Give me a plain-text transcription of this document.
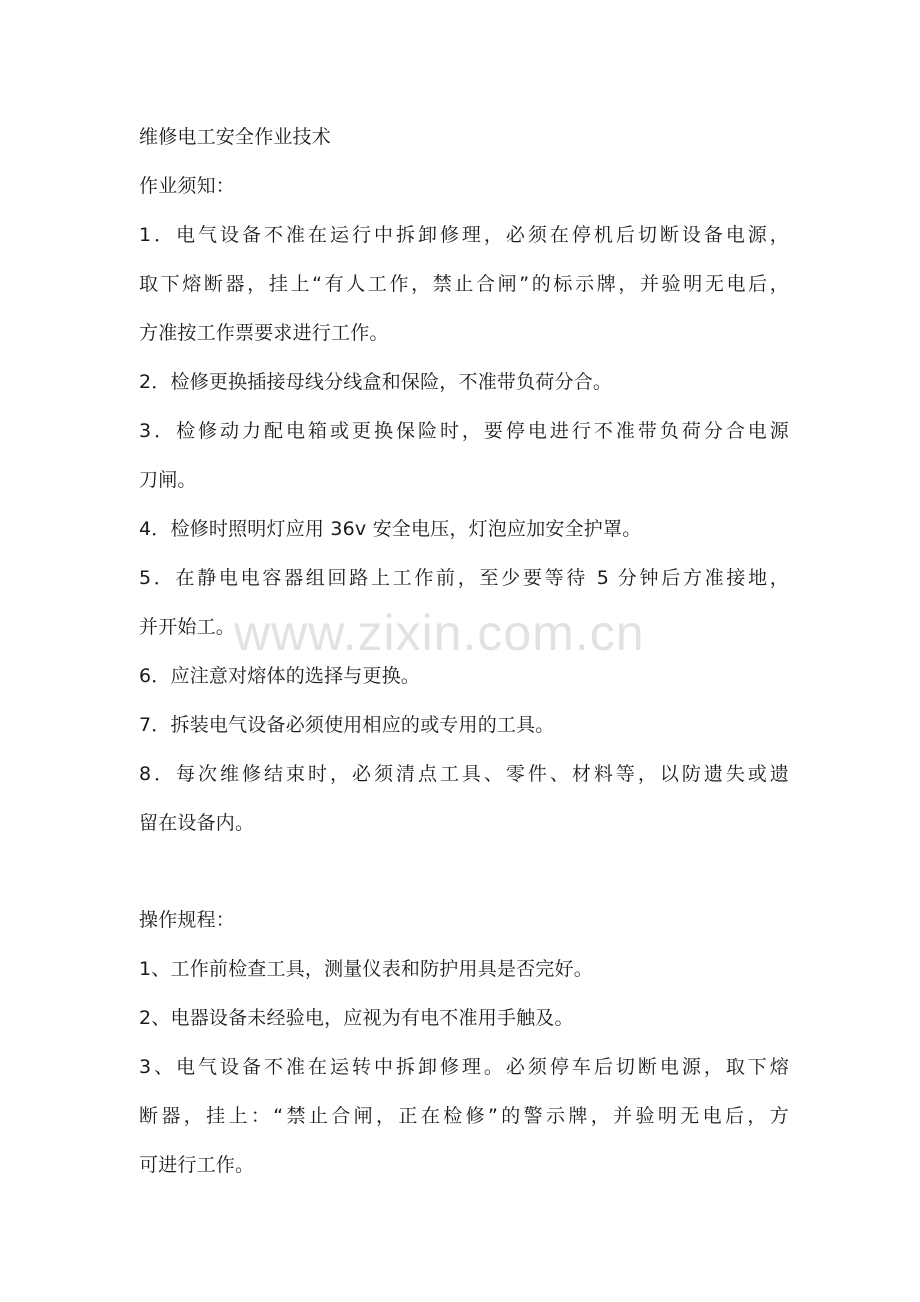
维修电工安全作业技术
作业须知：
1．电气设备不准在运行中拆卸修理，必须在停机后切断设备电源，
取下熔断器，挂上“有人工作，禁止合闸”的标示牌，并验明无电后，
方准按工作票要求进行工作。
2．检修更换插接母线分线盒和保险，不准带负荷分合。
3．检修动力配电箱或更换保险时，要停电进行不准带负荷分合电源
刀闸。
4．检修时照明灯应用 36v 安全电压，灯泡应加安全护罩。
5．在静电电容器组回路上工作前，至少要等待 5 分钟后方准接地，
并开始工。
6．应注意对熔体的选择与更换。
7．拆装电气设备必须使用相应的或专用的工具。
8．每次维修结束时，必须清点工具、零件、材料等，以防遗失或遗
留在设备内。
操作规程：
1、工作前检查工具，测量仪表和防护用具是否完好。
2、电器设备未经验电，应视为有电不准用手触及。
3、电气设备不准在运转中拆卸修理。必须停车后切断电源，取下熔
断器，挂上：“禁止合闸，正在检修”的警示牌，并验明无电后，方
可进行工作。
www.zixin.com.cn
